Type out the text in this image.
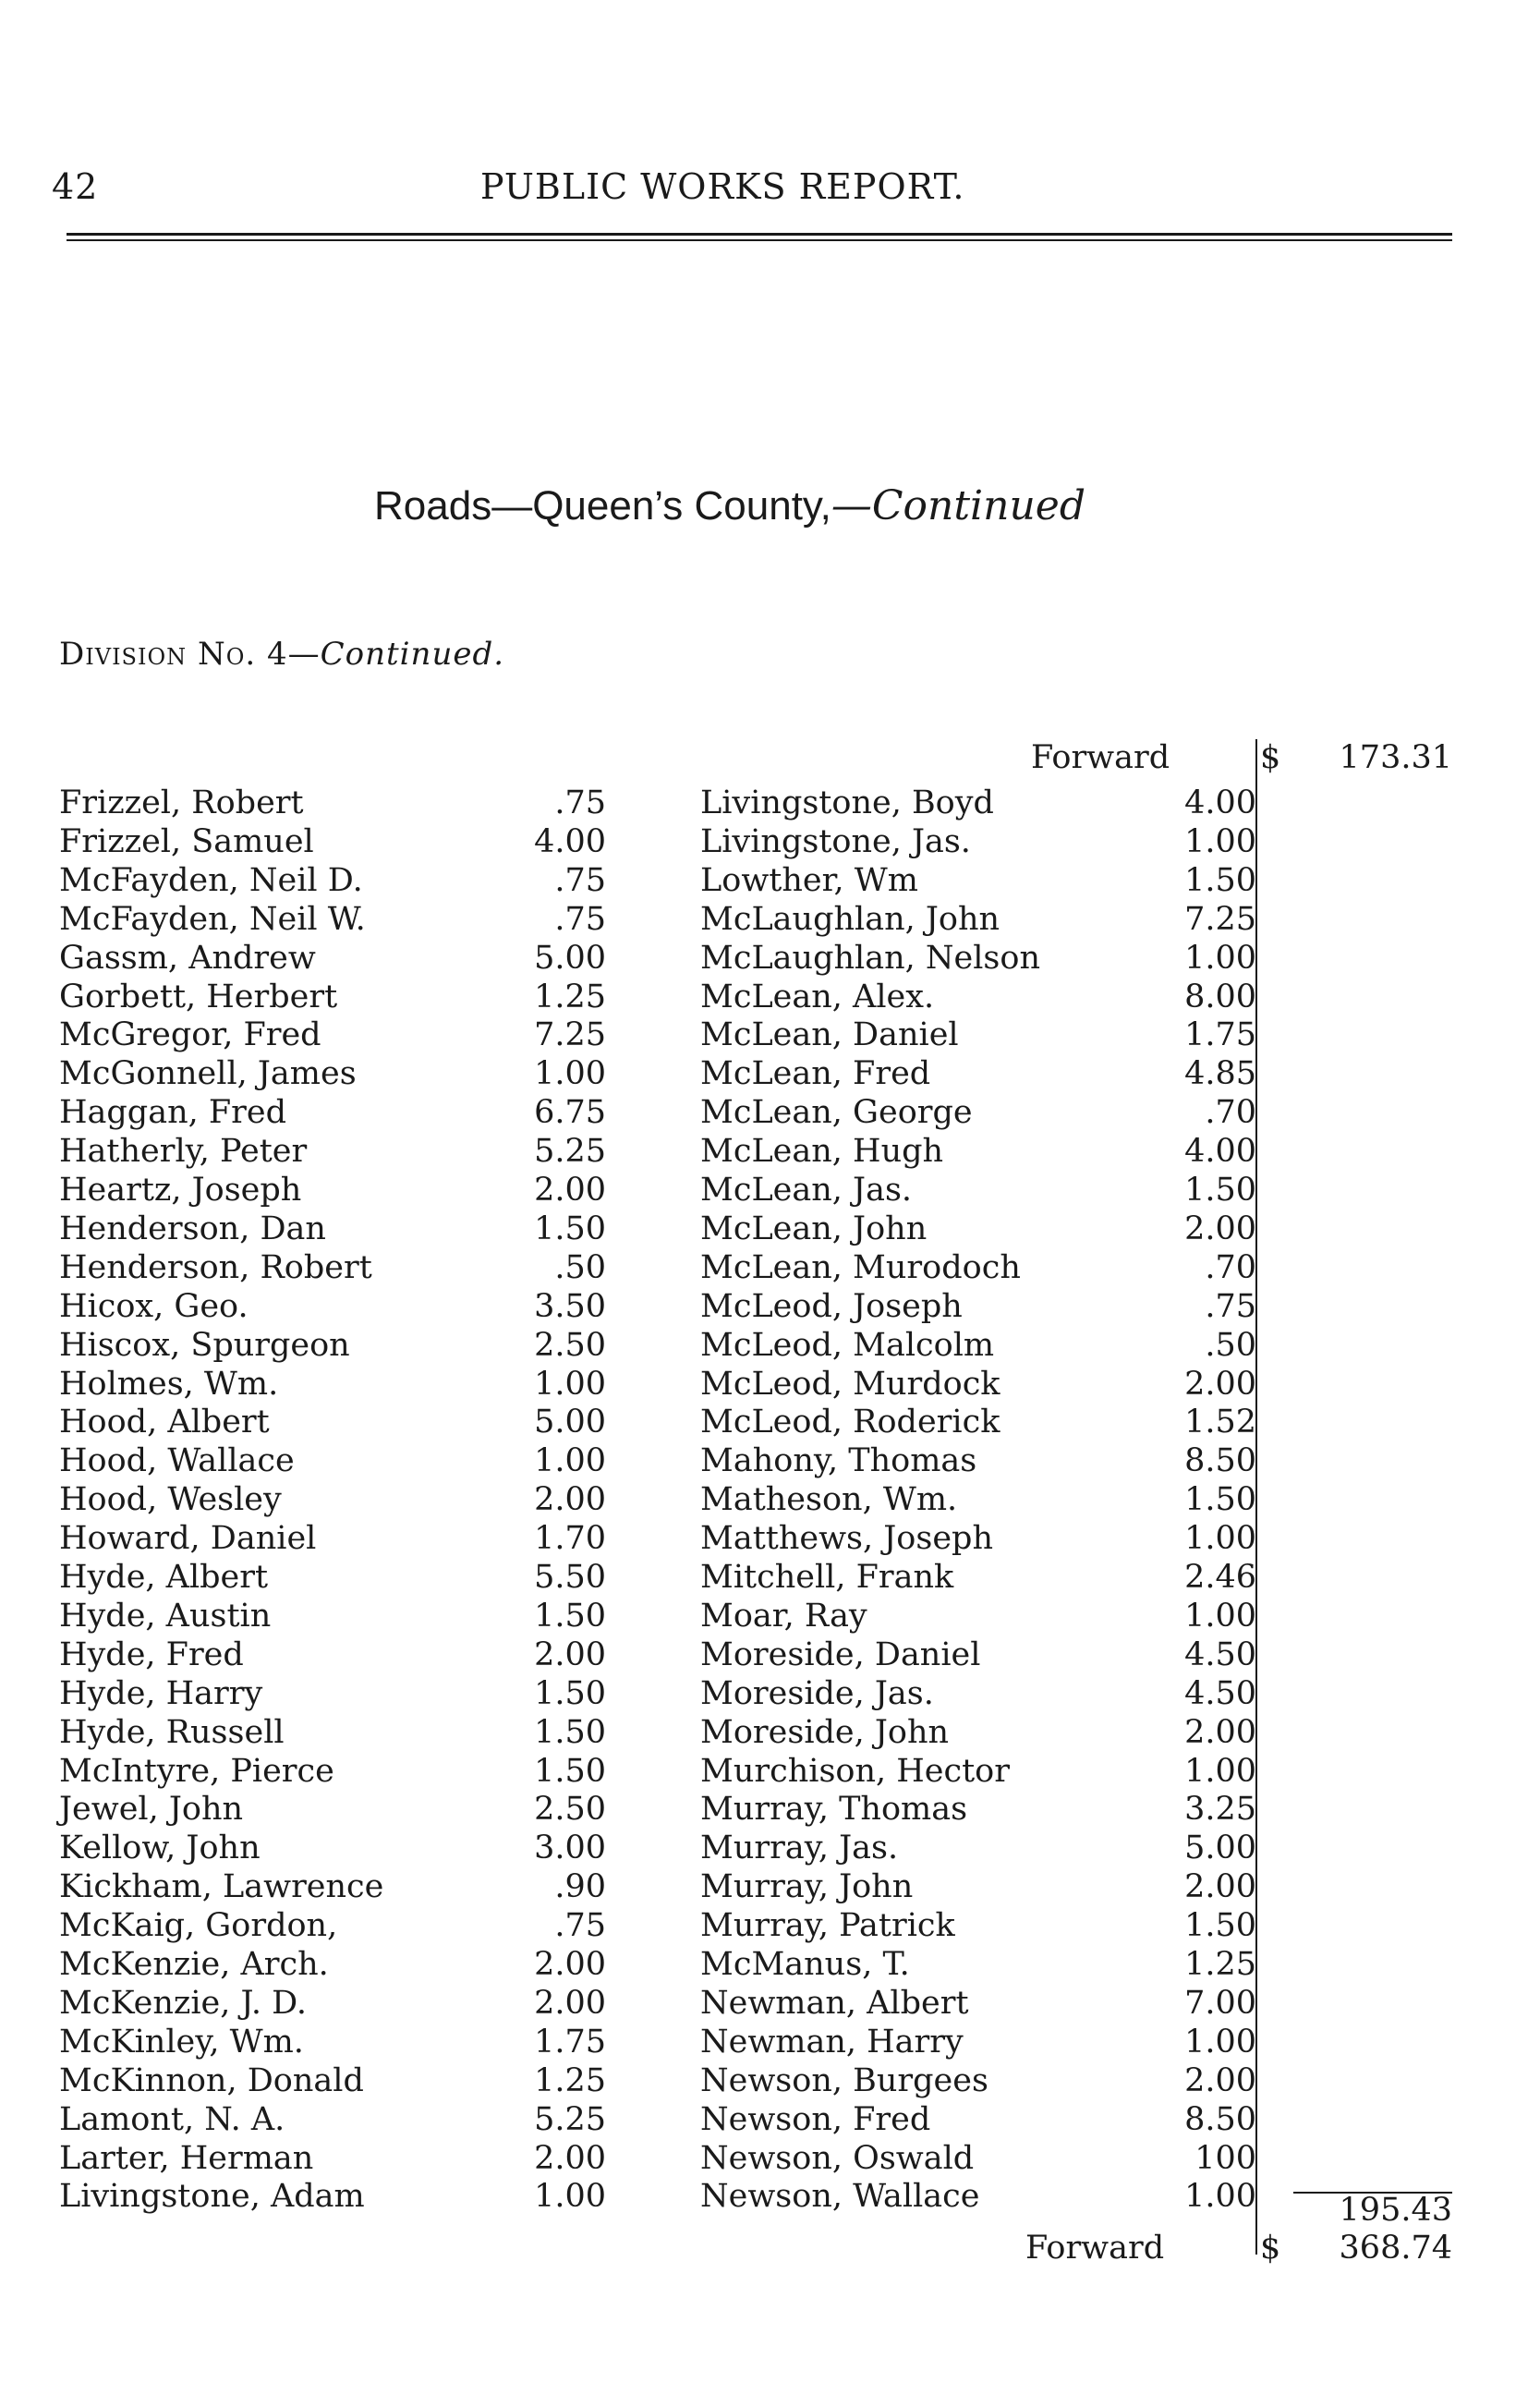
42	PUBLIC WORKS REPORT.
Roads—Queen’s County,—Continued
Division No. 4—Continued.
Forward	$	173.31
Frizzel, Robert	.75
Frizzel, Samuel	4.00
McFayden, Neil D.	.75
McFayden, Neil W.	.75
Gassm, Andrew	5.00
Gorbett, Herbert	1.25
McGregor, Fred	7.25
McGonnell, James	1.00
Haggan, Fred	6.75
Hatherly, Peter	5.25
Heartz, Joseph	2.00
Henderson, Dan	1.50
Henderson, Robert	.50
Hicox, Geo.	3.50
Hiscox, Spurgeon	2.50
Holmes, Wm.	1.00
Hood, Albert	5.00
Hood, Wallace	1.00
Hood, Wesley	2.00
Howard, Daniel	1.70
Hyde, Albert	5.50
Hyde, Austin	1.50
Hyde, Fred	2.00
Hyde, Harry	1.50
Hyde, Russell	1.50
McIntyre, Pierce	1.50
Jewel, John	2.50
Kellow, John	3.00
Kickham, Lawrence	.90
McKaig, Gordon,	.75
McKenzie, Arch.	2.00
McKenzie, J. D.	2.00
McKinley, Wm.	1.75
McKinnon, Donald	1.25
Lamont, N. A.	5.25
Larter, Herman	2.00
Livingstone, Adam	1.00
Livingstone, Boyd	4.00
Livingstone, Jas.	1.00
Lowther, Wm	1.50
McLaughlan, John	7.25
McLaughlan, Nelson	1.00
McLean, Alex.	8.00
McLean, Daniel	1.75
McLean, Fred	4.85
McLean, George	.70
McLean, Hugh	4.00
McLean, Jas.	1.50
McLean, John	2.00
McLean, Murodoch	.70
McLeod, Joseph	.75
McLeod, Malcolm	.50
McLeod, Murdock	2.00
McLeod, Roderick	1.52
Mahony, Thomas	8.50
Matheson, Wm.	1.50
Matthews, Joseph	1.00
Mitchell, Frank	2.46
Moar, Ray	1.00
Moreside, Daniel	4.50
Moreside, Jas.	4.50
Moreside, John	2.00
Murchison, Hector	1.00
Murray, Thomas	3.25
Murray, Jas.	5.00
Murray, John	2.00
Murray, Patrick	1.50
McManus, T.	1.25
Newman, Albert	7.00
Newman, Harry	1.00
Newson, Burgees	2.00
Newson, Fred	8.50
Newson, Oswald	100
Newson, Wallace	1.00	195.43
Forward	$	368.74
